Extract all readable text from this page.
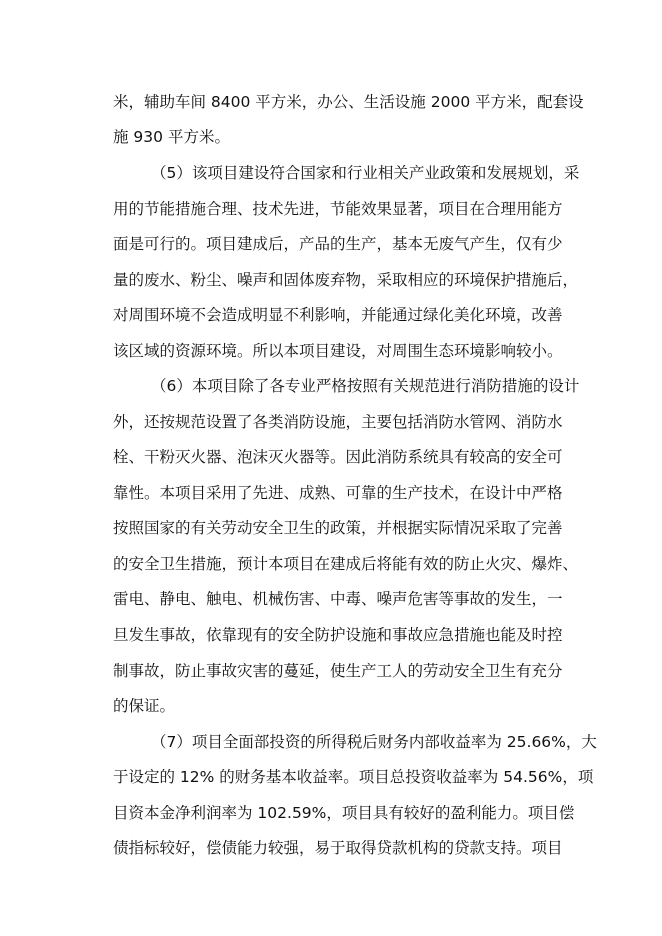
米，辅助车间 8400 平方米，办公、生活设施 2000 平方米，配套设
施 930 平方米。
（5）该项目建设符合国家和行业相关产业政策和发展规划，采
用的节能措施合理、技术先进，节能效果显著，项目在合理用能方
面是可行的。项目建成后，产品的生产，基本无废气产生，仅有少
量的废水、粉尘、噪声和固体废弃物，采取相应的环境保护措施后，
对周围环境不会造成明显不利影响，并能通过绿化美化环境，改善
该区域的资源环境。所以本项目建设，对周围生态环境影响较小。
（6）本项目除了各专业严格按照有关规范进行消防措施的设计
外，还按规范设置了各类消防设施，主要包括消防水管网、消防水
栓、干粉灭火器、泡沫灭火器等。因此消防系统具有较高的安全可
靠性。本项目采用了先进、成熟、可靠的生产技术，在设计中严格
按照国家的有关劳动安全卫生的政策，并根据实际情况采取了完善
的安全卫生措施，预计本项目在建成后将能有效的防止火灾、爆炸、
雷电、静电、触电、机械伤害、中毒、噪声危害等事故的发生，一
旦发生事故，依靠现有的安全防护设施和事故应急措施也能及时控
制事故，防止事故灾害的蔓延，使生产工人的劳动安全卫生有充分
的保证。
（7）项目全面部投资的所得税后财务内部收益率为 25.66%，大
于设定的 12% 的财务基本收益率。项目总投资收益率为 54.56%，项
目资本金净利润率为 102.59%，项目具有较好的盈利能力。项目偿
债指标较好，偿债能力较强，易于取得贷款机构的贷款支持。项目
